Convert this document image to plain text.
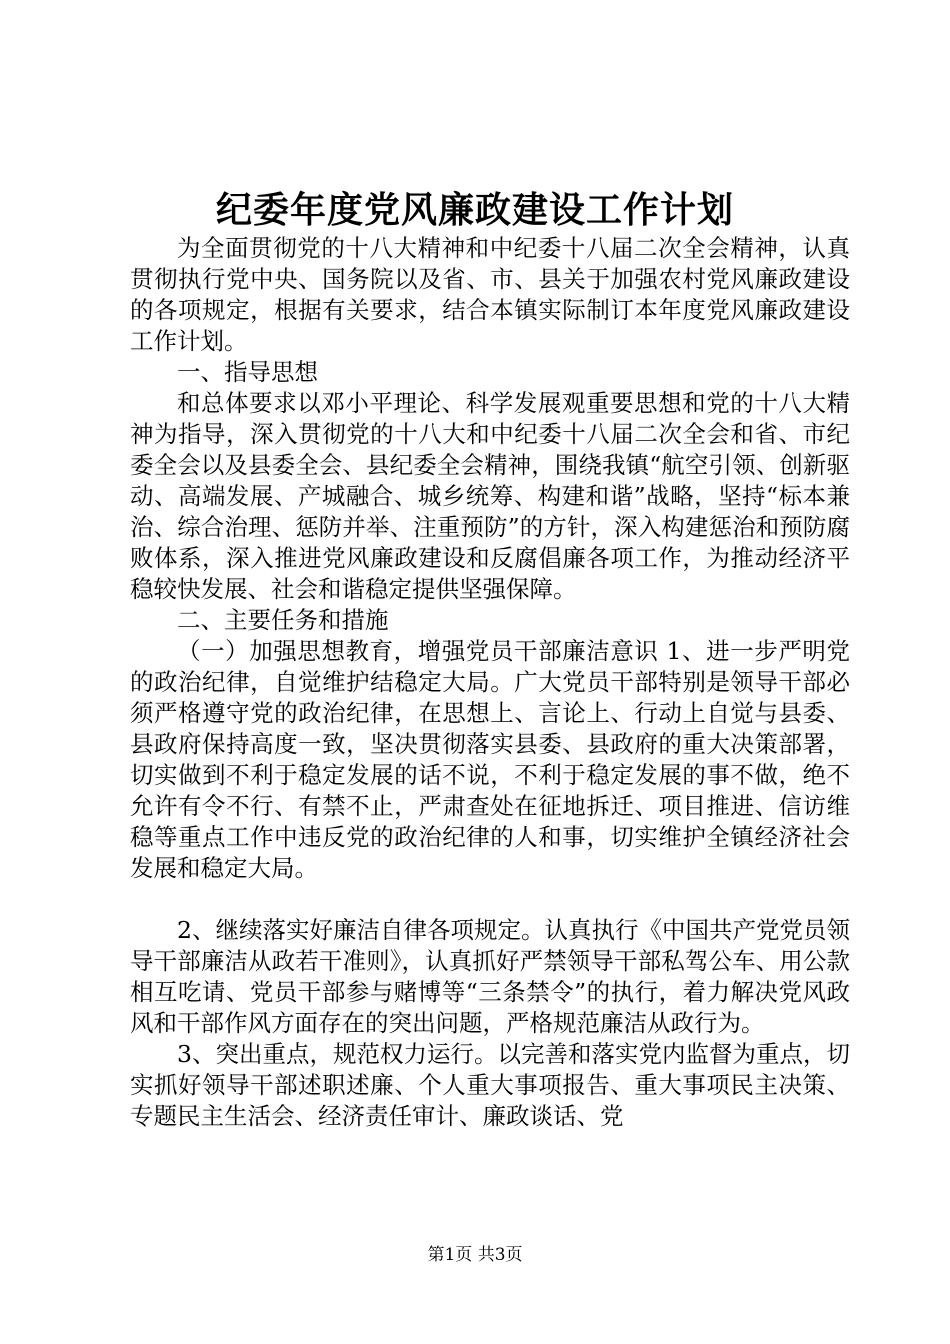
纪委年度党风廉政建设工作计划

为全面贯彻党的十八大精神和中纪委十八届二次全会精神，认真贯彻执行党中央、国务院以及省、市、县关于加强农村党风廉政建设的各项规定，根据有关要求，结合本镇实际制订本年度党风廉政建设工作计划。

一、指导思想

和总体要求以邓小平理论、科学发展观重要思想和党的十八大精神为指导，深入贯彻党的十八大和中纪委十八届二次全会和省、市纪委全会以及县委全会、县纪委全会精神，围绕我镇“航空引领、创新驱动、高端发展、产城融合、城乡统筹、构建和谐”战略，坚持“标本兼治、综合治理、惩防并举、注重预防”的方针，深入构建惩治和预防腐败体系，深入推进党风廉政建设和反腐倡廉各项工作，为推动经济平稳较快发展、社会和谐稳定提供坚强保障。

二、主要任务和措施

（一）加强思想教育，增强党员干部廉洁意识 1、进一步严明党的政治纪律，自觉维护结稳定大局。广大党员干部特别是领导干部必须严格遵守党的政治纪律，在思想上、言论上、行动上自觉与县委、县政府保持高度一致，坚决贯彻落实县委、县政府的重大决策部署，切实做到不利于稳定发展的话不说，不利于稳定发展的事不做，绝不允许有令不行、有禁不止，严肃查处在征地拆迁、项目推进、信访维稳等重点工作中违反党的政治纪律的人和事，切实维护全镇经济社会发展和稳定大局。

2、继续落实好廉洁自律各项规定。认真执行《中国共产党党员领导干部廉洁从政若干准则》，认真抓好严禁领导干部私驾公车、用公款相互吃请、党员干部参与赌博等“三条禁令”的执行，着力解决党风政风和干部作风方面存在的突出问题，严格规范廉洁从政行为。

3、突出重点，规范权力运行。以完善和落实党内监督为重点，切实抓好领导干部述职述廉、个人重大事项报告、重大事项民主决策、专题民主生活会、经济责任审计、廉政谈话、党

第1页 共3页
